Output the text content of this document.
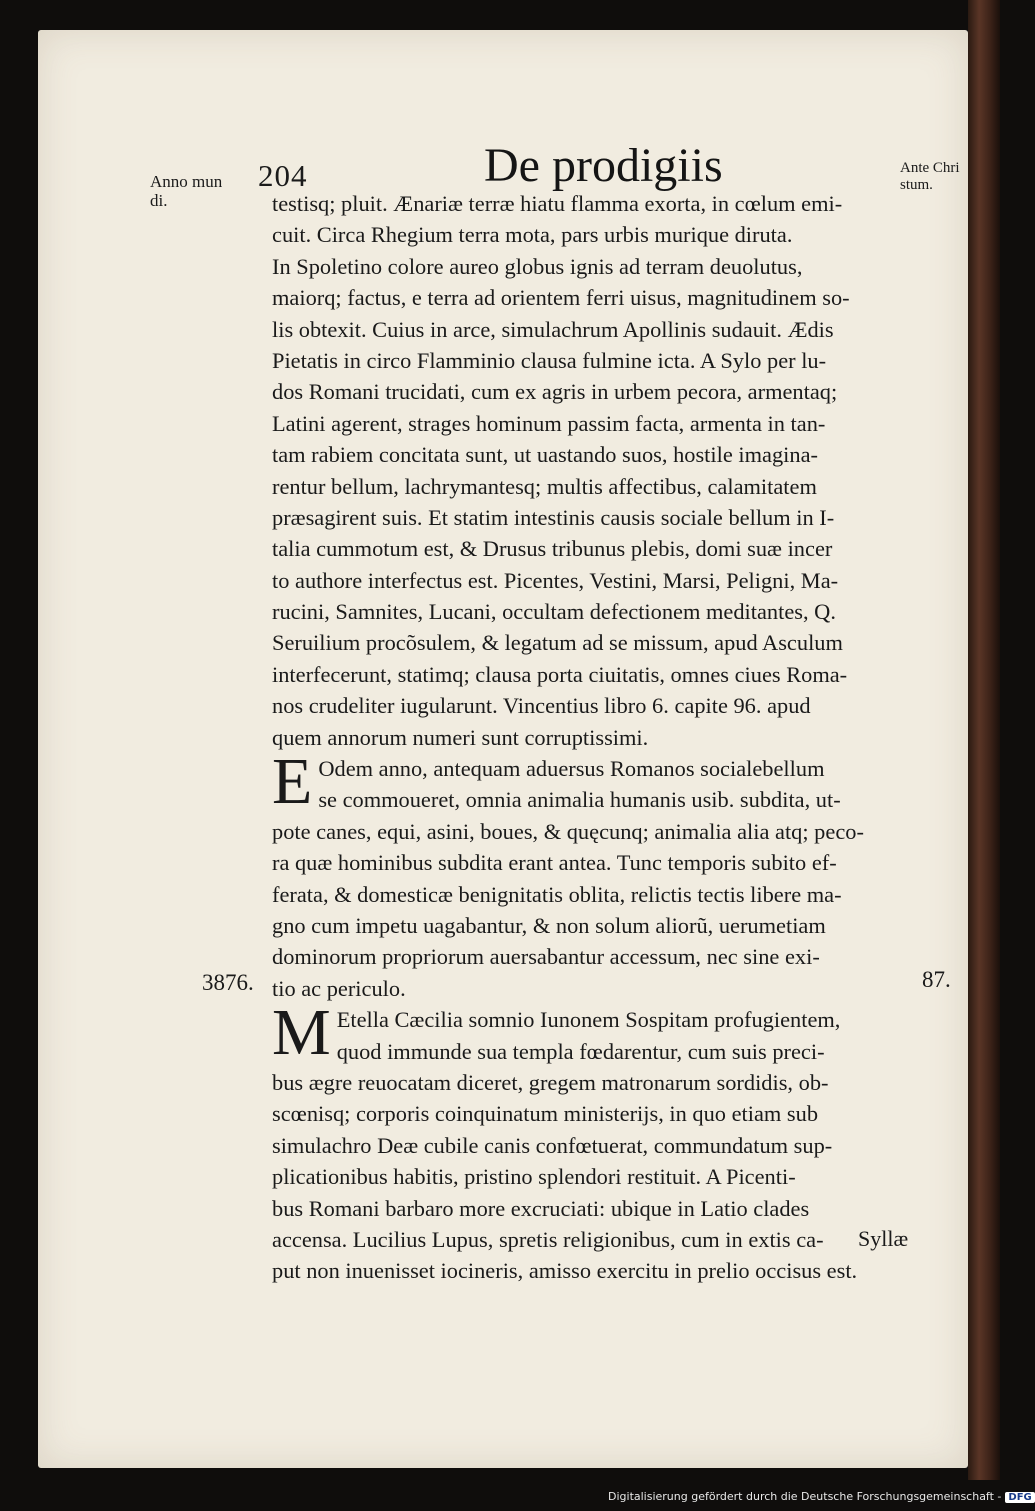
Anno mun
di.
204	De prodigiis	Ante Chri
stum.
testisq; pluit. Ænariæ terræ hiatu flamma exorta, in cœlum emi-
cuit. Circa Rhegium terra mota, pars urbis murique diruta.
In Spoletino colore aureo globus ignis ad terram deuolutus,
maiorq; factus, e terra ad orientem ferri uisus, magnitudinem so-
lis obtexit. Cuius in arce, simulachrum Apollinis sudauit. Ædis
Pietatis in circo Flamminio clausa fulmine icta. A Sylo per lu-
dos Romani trucidati, cum ex agris in urbem pecora, armentaq;
Latini agerent, strages hominum passim facta, armenta in tan-
tam rabiem concitata sunt, ut uastando suos, hostile imagina-
rentur bellum, lachrymantesq; multis affectibus, calamitatem
præsagirent suis. Et statim intestinis causis sociale bellum in I-
talia cummotum est, & Drusus tribunus plebis, domi suæ incer
to authore interfectus est. Picentes, Vestini, Marsi, Peligni, Ma-
rucini, Samnites, Lucani, occultam defectionem meditantes, Q.
Seruilium procõsulem, & legatum ad se missum, apud Asculum
interfecerunt, statimq; clausa porta ciuitatis, omnes ciues Roma-
nos crudeliter iugularunt. Vincentius libro 6. capite 96. apud
quem annorum numeri sunt corruptissimi.
E Odem anno, antequam aduersus Romanos socialebellum
se commoueret, omnia animalia humanis usib. subdita, ut-
pote canes, equi, asini, boues, & quęcunq; animalia alia atq; peco-
ra quæ hominibus subdita erant antea. Tunc temporis subito ef-
ferata, & domesticæ benignitatis oblita, relictis tectis libere ma-
gno cum impetu uagabantur, & non solum aliorũ, uerumetiam
dominorum propriorum auersabantur accessum, nec sine exi-
tio ac periculo.
M Etella Cæcilia somnio Iunonem Sospitam profugientem,
quod immunde sua templa fœdarentur, cum suis preci-
bus ægre reuocatam diceret, gregem matronarum sordidis, ob-
scœnisq; corporis coinquinatum ministerijs, in quo etiam sub
simulachro Deæ cubile canis confœtuerat, commundatum sup-
plicationibus habitis, pristino splendori restituit. A Picenti-
bus Romani barbaro more excruciati: ubique in Latio clades
accensa. Lucilius Lupus, spretis religionibus, cum in extis ca-
put non inuenisset iocineris, amisso exercitu in prelio occisus est.
3876.	87.
Syllæ
Digitalisierung gefördert durch die Deutsche Forschungsgemeinschaft - DFG
